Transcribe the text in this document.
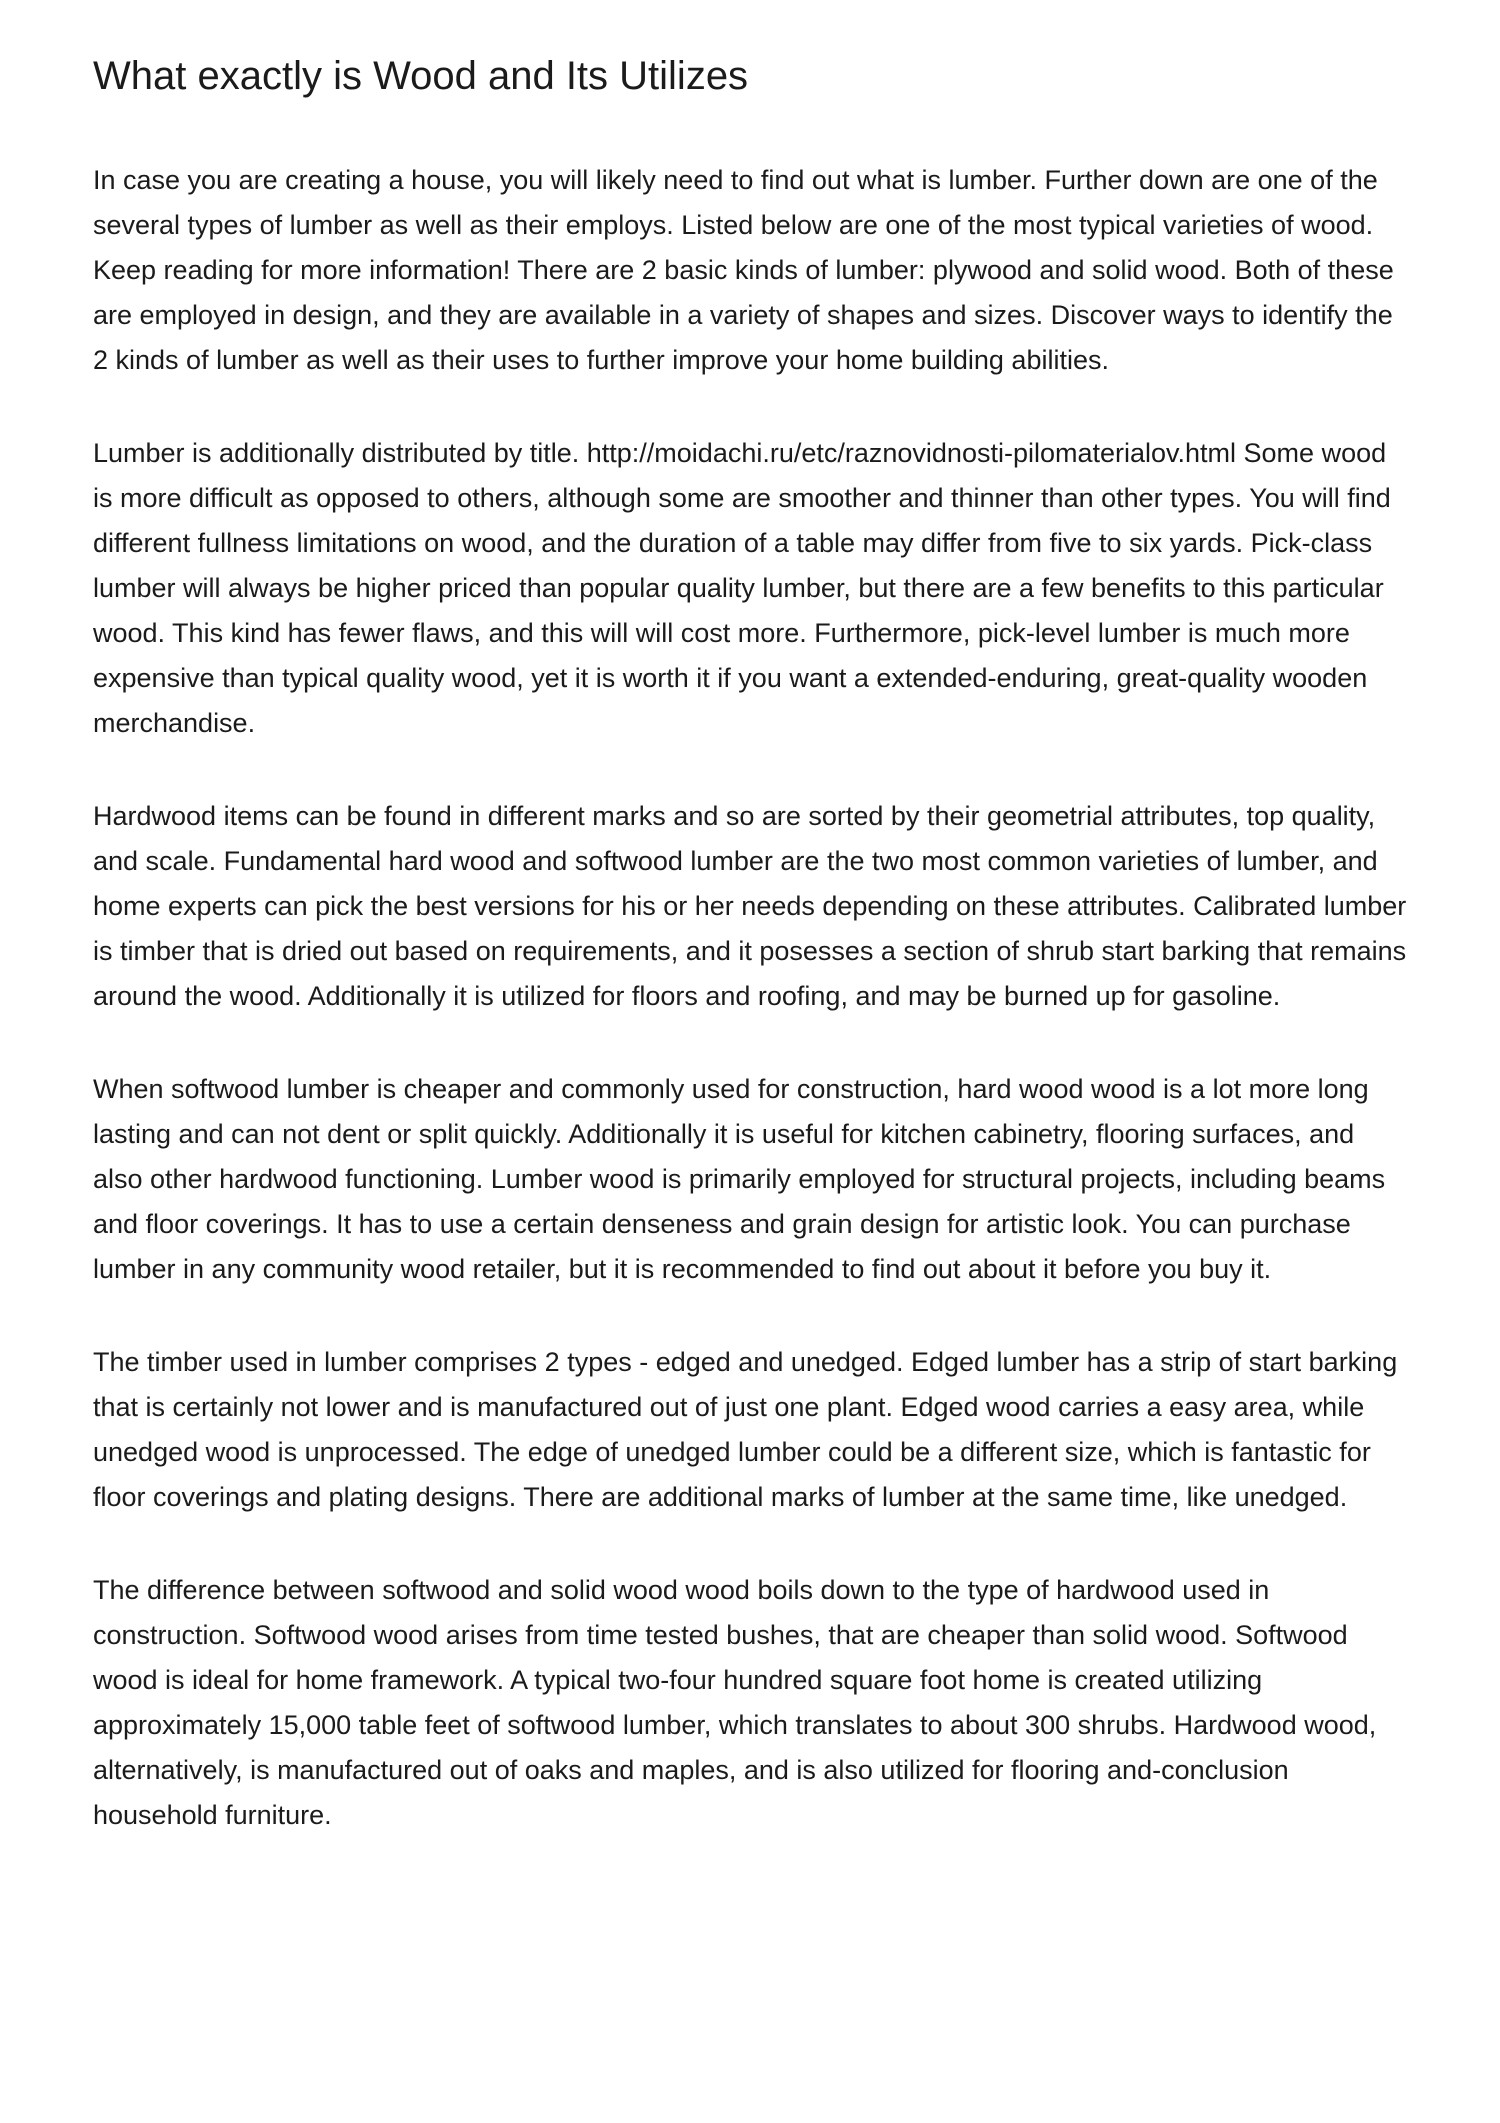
What exactly is Wood and Its Utilizes

In case you are creating a house, you will likely need to find out what is lumber. Further down are one of the several types of lumber as well as their employs. Listed below are one of the most typical varieties of wood. Keep reading for more information! There are 2 basic kinds of lumber: plywood and solid wood. Both of these are employed in design, and they are available in a variety of shapes and sizes. Discover ways to identify the 2 kinds of lumber as well as their uses to further improve your home building abilities.

Lumber is additionally distributed by title. http://moidachi.ru/etc/raznovidnosti-pilomaterialov.html Some wood is more difficult as opposed to others, although some are smoother and thinner than other types. You will find different fullness limitations on wood, and the duration of a table may differ from five to six yards. Pick-class lumber will always be higher priced than popular quality lumber, but there are a few benefits to this particular wood. This kind has fewer flaws, and this will will cost more. Furthermore, pick-level lumber is much more expensive than typical quality wood, yet it is worth it if you want a extended-enduring, great-quality wooden merchandise.

Hardwood items can be found in different marks and so are sorted by their geometrial attributes, top quality, and scale. Fundamental hard wood and softwood lumber are the two most common varieties of lumber, and home experts can pick the best versions for his or her needs depending on these attributes. Calibrated lumber is timber that is dried out based on requirements, and it posesses a section of shrub start barking that remains around the wood. Additionally it is utilized for floors and roofing, and may be burned up for gasoline.

When softwood lumber is cheaper and commonly used for construction, hard wood wood is a lot more long lasting and can not dent or split quickly. Additionally it is useful for kitchen cabinetry, flooring surfaces, and also other hardwood functioning. Lumber wood is primarily employed for structural projects, including beams and floor coverings. It has to use a certain denseness and grain design for artistic look. You can purchase lumber in any community wood retailer, but it is recommended to find out about it before you buy it.

The timber used in lumber comprises 2 types - edged and unedged. Edged lumber has a strip of start barking that is certainly not lower and is manufactured out of just one plant. Edged wood carries a easy area, while unedged wood is unprocessed. The edge of unedged lumber could be a different size, which is fantastic for floor coverings and plating designs. There are additional marks of lumber at the same time, like unedged.

The difference between softwood and solid wood wood boils down to the type of hardwood used in construction. Softwood wood arises from time tested bushes, that are cheaper than solid wood. Softwood wood is ideal for home framework. A typical two-four hundred square foot home is created utilizing approximately 15,000 table feet of softwood lumber, which translates to about 300 shrubs. Hardwood wood, alternatively, is manufactured out of oaks and maples, and is also utilized for flooring and-conclusion household furniture.
